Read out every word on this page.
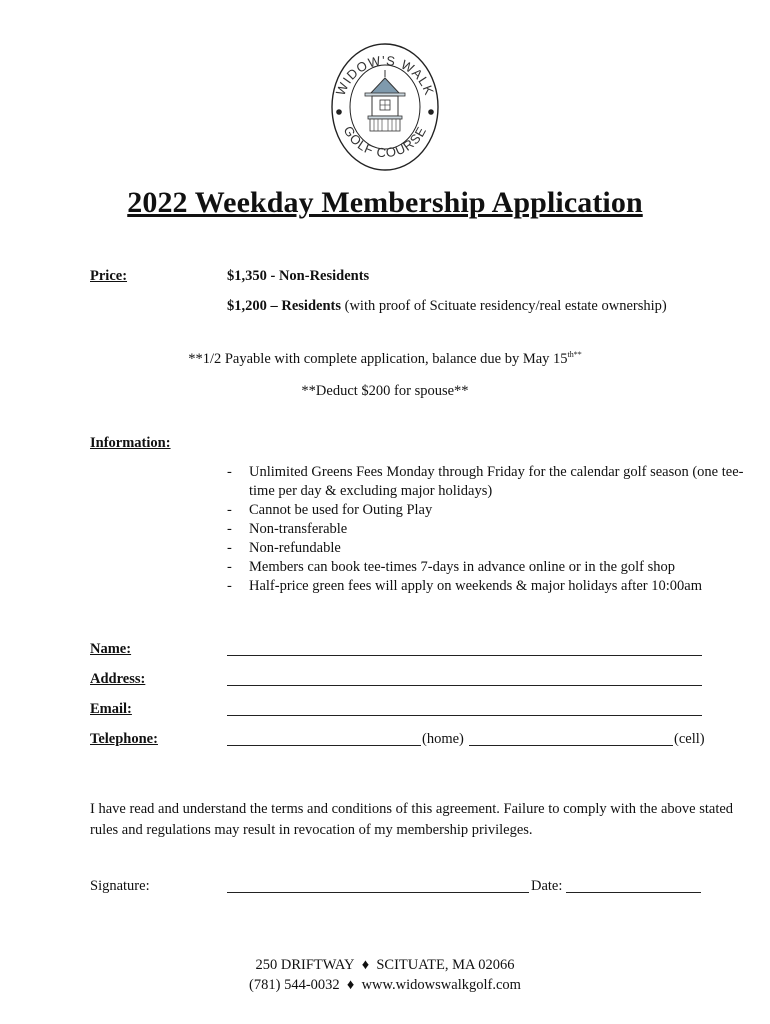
WIDOW'S WALK
GOLF COURSE
2022 Weekday Membership Application
Price:	$1,350 - Non-Residents
$1,200 – Residents (with proof of Scituate residency/real estate ownership)
**1/2 Payable with complete application, balance due by May $15^{th**}$
**Deduct $200 for spouse**
Information:
-	Unlimited Greens Fees Monday through Friday for the calendar golf season (one tee-time per day & excluding major holidays)
-	Cannot be used for Outing Play
-	Non-transferable
-	Non-refundable
-	Members can book tee-times 7-days in advance online or in the golf shop
-	Half-price green fees will apply on weekends & major holidays after 10:00am
Name:
Address:
Email:
Telephone:	(home)	(cell)
I have read and understand the terms and conditions of this agreement. Failure to comply with the above stated rules and regulations may result in revocation of my membership privileges.
Signature:	Date:
250 DRIFTWAY ♦ SCITUATE, MA 02066
(781) 544-0032 ♦ www.widowswalkgolf.com
